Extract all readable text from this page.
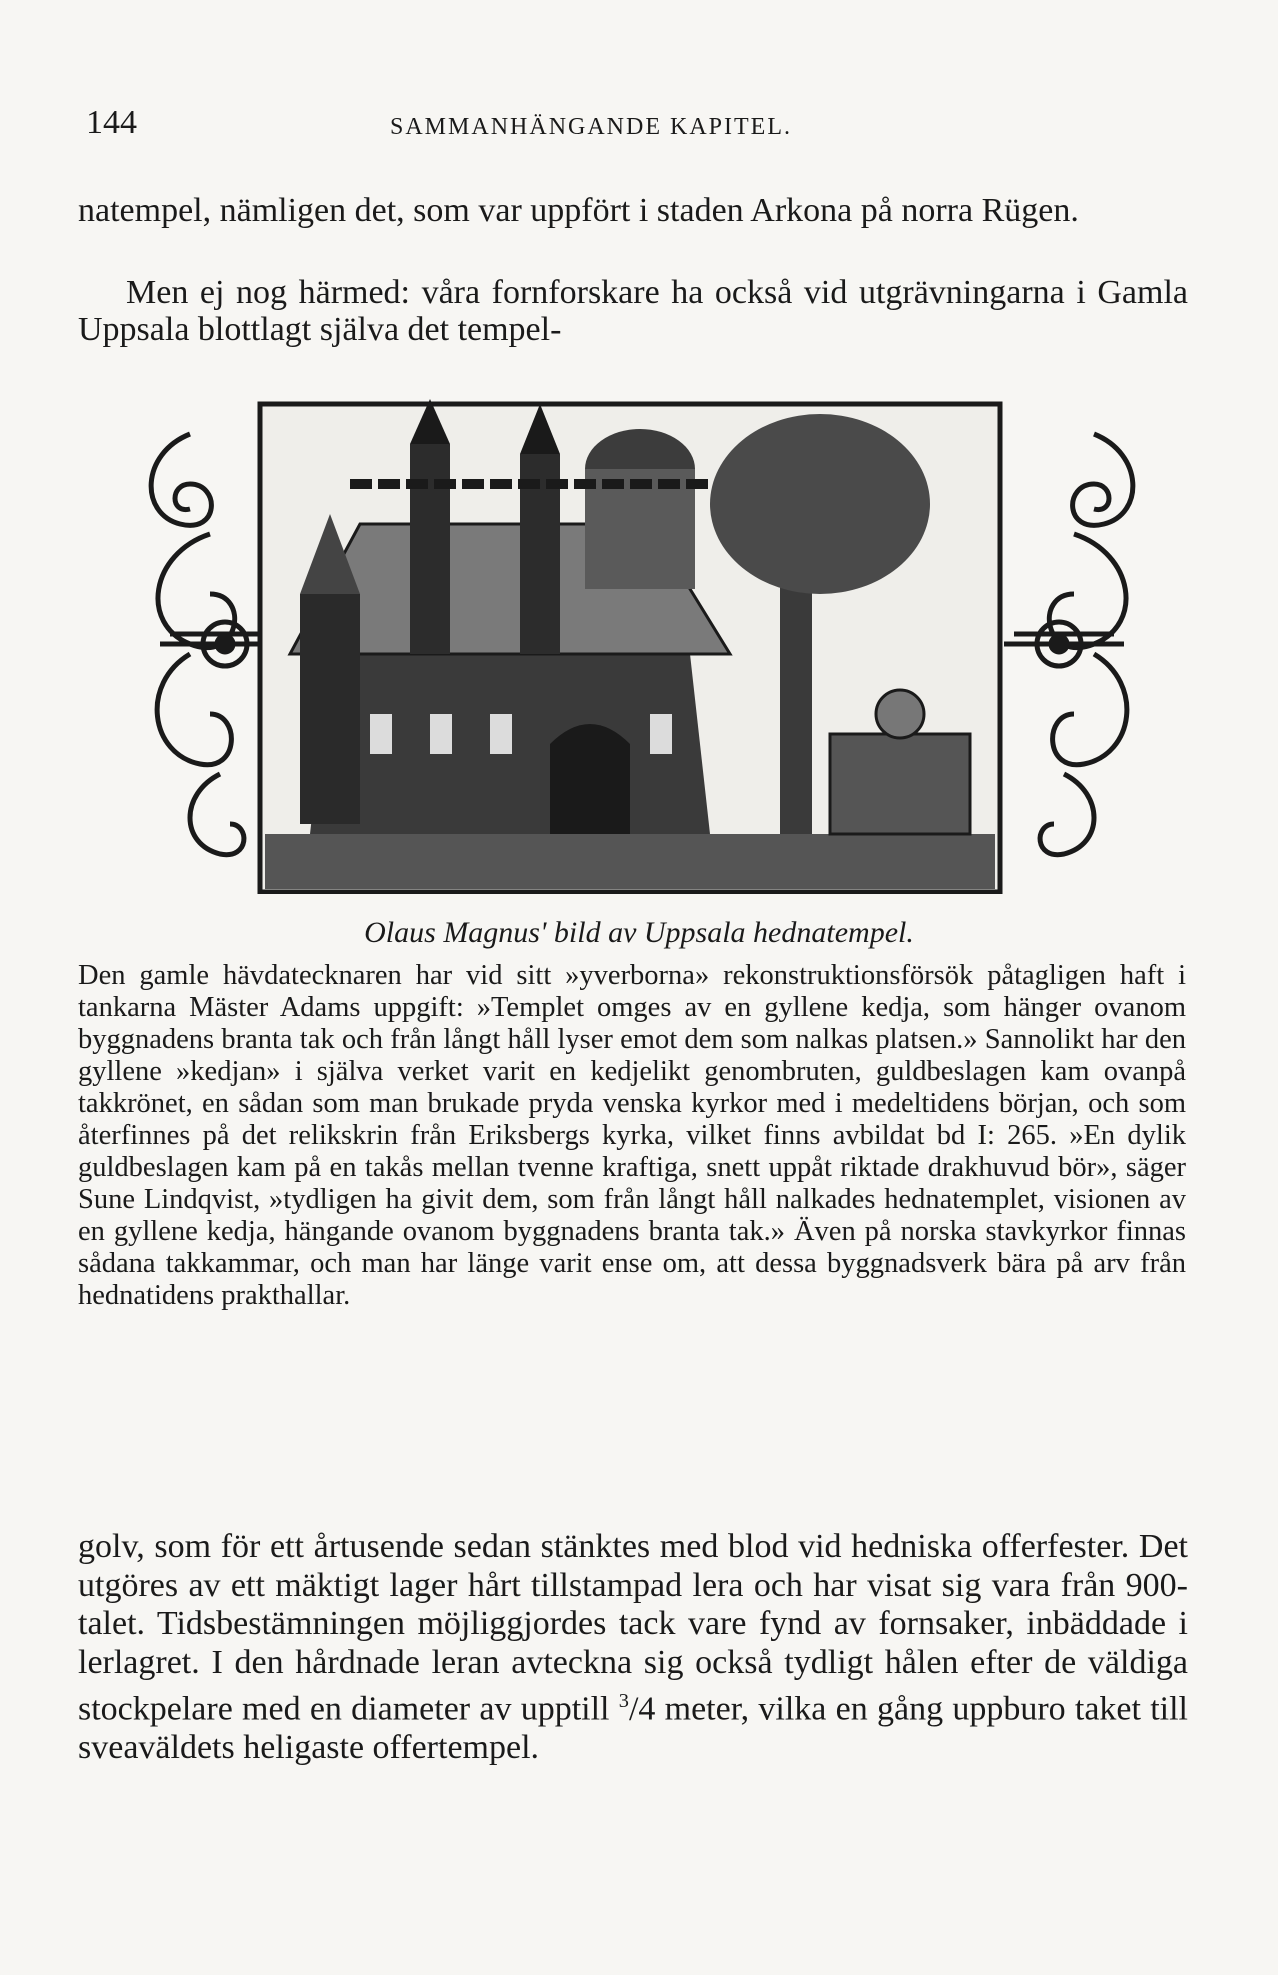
144	SAMMANHÄNGANDE KAPITEL.

natempel, nämligen det, som var uppfört i staden Arkona på norra Rügen.

Men ej nog härmed: våra fornforskare ha också vid utgrävningarna i Gamla Uppsala blottlagt själva det tempel-

Olaus Magnus' bild av Uppsala hednatempel.

Den gamle hävdatecknaren har vid sitt »yverborna» rekonstruktionsförsök påtagligen haft i tankarna Mäster Adams uppgift: »Templet omges av en gyllene kedja, som hänger ovanom byggnadens branta tak och från långt håll lyser emot dem som nalkas platsen.» Sannolikt har den gyllene »kedjan» i själva verket varit en kedjelikt genombruten, guldbeslagen kam ovanpå takkrönet, en sådan som man brukade pryda venska kyrkor med i medeltidens början, och som återfinnes på det relikskrin från Eriksbergs kyrka, vilket finns avbildat bd I: 265. »En dylik guldbeslagen kam på en takås mellan tvenne kraftiga, snett uppåt riktade drakhuvud bör», säger Sune Lindqvist, »tydligen ha givit dem, som från långt håll nalkades hednatemplet, visionen av en gyllene kedja, hängande ovanom byggnadens branta tak.» Även på norska stavkyrkor finnas sådana takkammar, och man har länge varit ense om, att dessa byggnadsverk bära på arv från hednatidens prakthallar.

golv, som för ett årtusende sedan stänktes med blod vid hedniska offerfester. Det utgöres av ett mäktigt lager hårt tillstampad lera och har visat sig vara från 900-talet. Tidsbestämningen möjliggjordes tack vare fynd av fornsaker, inbäddade i lerlagret. I den hårdnade leran avteckna sig också tydligt hålen efter de väldiga stockpelare med en diameter av upptill $^3$/4 meter, vilka en gång uppburo taket till sveaväldets heligaste offertempel.
